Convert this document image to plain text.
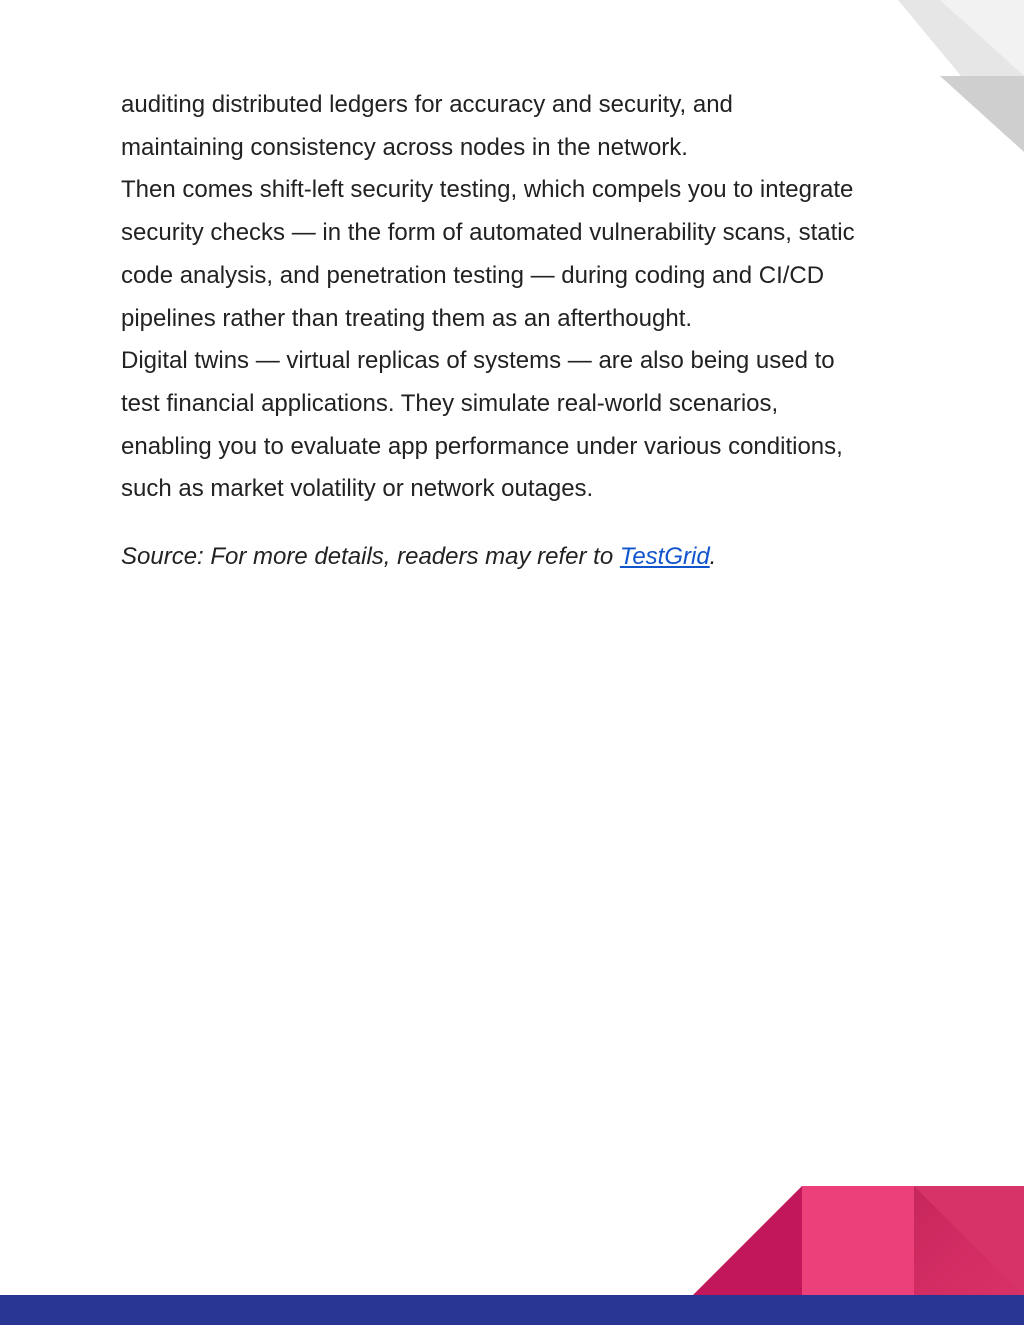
auditing distributed ledgers for accuracy and security, and

maintaining consistency across nodes in the network.

Then comes shift-left security testing, which compels you to integrate

security checks — in the form of automated vulnerability scans, static

code analysis, and penetration testing — during coding and CI/CD

pipelines rather than treating them as an afterthought.

Digital twins — virtual replicas of systems — are also being used to

test financial applications. They simulate real-world scenarios,

enabling you to evaluate app performance under various conditions,

such as market volatility or network outages.

Source: For more details, readers may refer to TestGrid.
